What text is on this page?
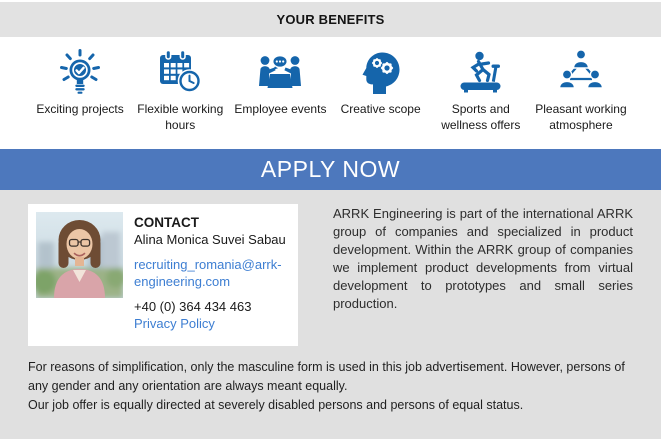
YOUR BENEFITS
Exciting projects	Flexible working hours
Employee events Creative scope	Sports and wellness offers
Pleasant working atmosphere
APPLY NOW
CONTACT
Alina Monica Suvei Sabau
recruiting_romania@arrk-engineering.com
+40 (0) 364 434 463
Privacy Policy
ARRK Engineering is part of the international ARRK group of companies and specialized in product development. Within the ARRK group of companies we implement product developments from virtual development to prototypes and small series production.

For reasons of simplification, only the masculine form is used in this job advertisement. However, persons of any gender and any orientation are always meant equally.

Our job offer is equally directed at severely disabled persons and persons of equal status.
